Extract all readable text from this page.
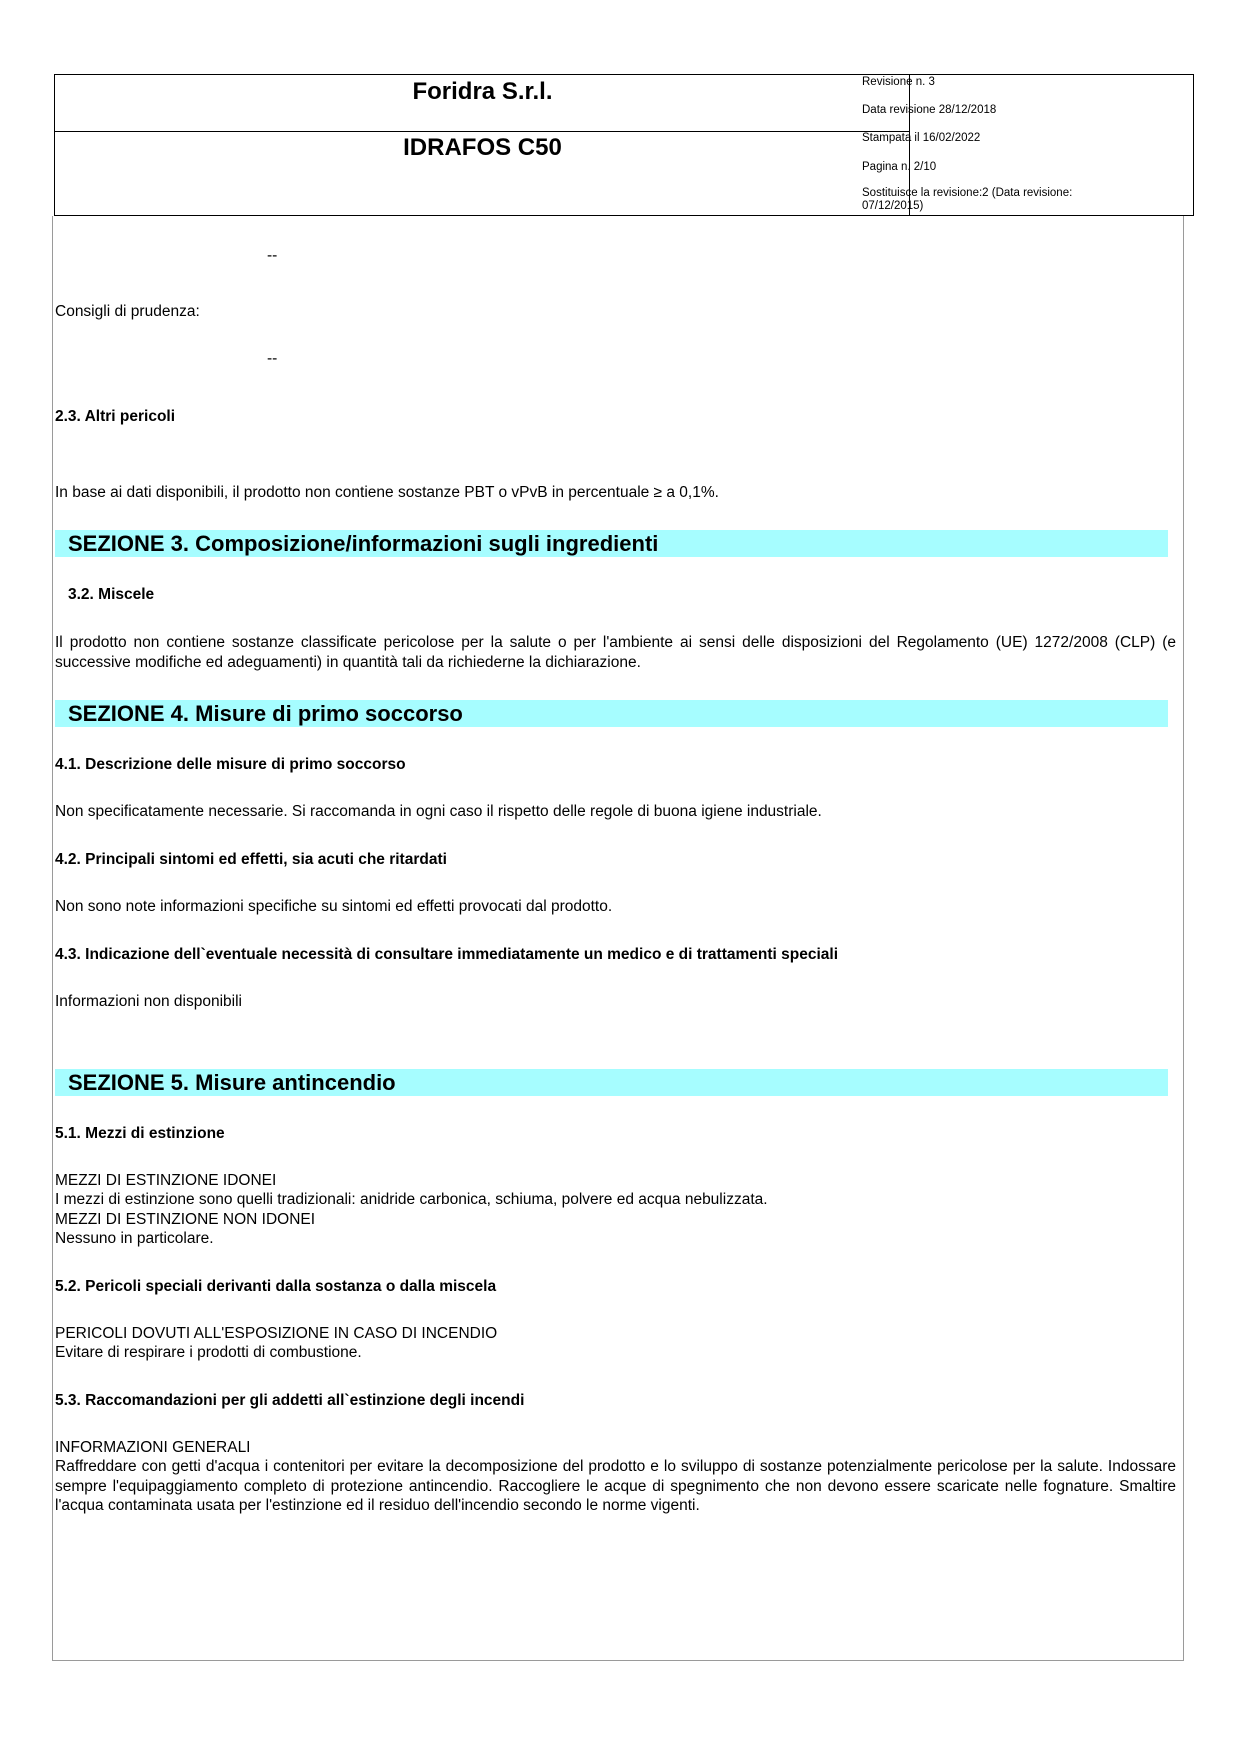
Foridra S.r.l.
IDRAFOS C50
Revisione n. 3
Data revisione 28/12/2018
Stampata il 16/02/2022
Pagina n. 2/10
Sostituisce la revisione:2 (Data revisione:
07/12/2015)
--
Consigli di prudenza:
--
2.3. Altri pericoli
In base ai dati disponibili, il prodotto non contiene sostanze PBT o vPvB in percentuale ≥ a 0,1%.
SEZIONE 3. Composizione/informazioni sugli ingredienti
3.2. Miscele
Il prodotto non contiene sostanze classificate pericolose per la salute o per l'ambiente ai sensi delle disposizioni del Regolamento (UE) 1272/2008 (CLP) (e successive modifiche ed adeguamenti) in quantità tali da richiederne la dichiarazione.
SEZIONE 4. Misure di primo soccorso
4.1. Descrizione delle misure di primo soccorso
Non specificatamente necessarie. Si raccomanda in ogni caso il rispetto delle regole di buona igiene industriale.
4.2. Principali sintomi ed effetti, sia acuti che ritardati
Non sono note informazioni specifiche su sintomi ed effetti provocati dal prodotto.
4.3. Indicazione dell`eventuale necessità di consultare immediatamente un medico e di trattamenti speciali
Informazioni non disponibili
SEZIONE 5. Misure antincendio
5.1. Mezzi di estinzione
MEZZI DI ESTINZIONE IDONEI
I mezzi di estinzione sono quelli tradizionali: anidride carbonica, schiuma, polvere ed acqua nebulizzata.
MEZZI DI ESTINZIONE NON IDONEI
Nessuno in particolare.
5.2. Pericoli speciali derivanti dalla sostanza o dalla miscela
PERICOLI DOVUTI ALL'ESPOSIZIONE IN CASO DI INCENDIO
Evitare di respirare i prodotti di combustione.
5.3. Raccomandazioni per gli addetti all`estinzione degli incendi
INFORMAZIONI GENERALI
Raffreddare con getti d'acqua i contenitori per evitare la decomposizione del prodotto e lo sviluppo di sostanze potenzialmente pericolose per la salute. Indossare sempre l'equipaggiamento completo di protezione antincendio. Raccogliere le acque di spegnimento che non devono essere scaricate nelle fognature. Smaltire l'acqua contaminata usata per l'estinzione ed il residuo dell'incendio secondo le norme vigenti.
